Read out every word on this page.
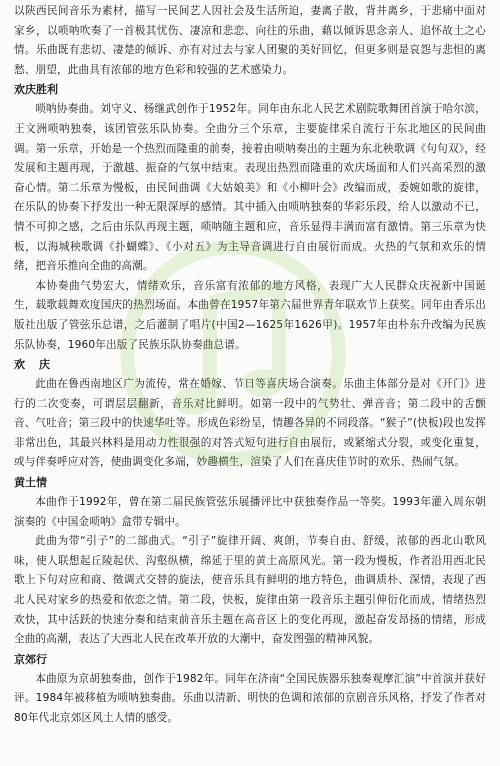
以陕西民间音乐为素材，描写一民间艺人因社会及生活所迫，妻离子散，背井离乡，于悲痛中面对家乡，以唢呐吹奏了一首极其忧伤、凄凉和悲恋、向往的乐曲，藉以倾诉思念亲人、追怀故土之心情。乐曲既有悲切、凄楚的倾诉、亦有对过去与家人团聚的美好回忆，但更多则是哀怨与悲怛的离愁、朋望，此曲具有浓郁的地方色彩和较强的艺术感染力。

欢庆胜利

唢呐协奏曲。刘守义、杨继武创作于1952年。同年由东北人民艺术剧院歌舞团首演于哈尔滨，王文洲唢呐独奏，该团管弦乐队协奏。全曲分三个乐章，主要旋律采自流行于东北地区的民间曲调。第一乐章，开始是一个热烈而隆重的前奏，接着由唢呐奏出的主题为东北秧歌调《句句双》，经发展和主题再现，于激越、振奋的气氛中结束。表现出热烈而隆重的欢庆场面和人们兴高采烈的激奋心情。第二乐章为慢板，由民间曲调《大姑娘美》和《小柳叶会》改编而成，委婉如歌的旋律，在乐队的协奏下抒发出一种无限深厚的感情。其中插入由唢呐独奏的华彩乐段，给人以激动不已，情不可抑之感，之后由乐队再现主题，唢呐随主题和应，音乐显得丰满而富有激情。第三乐章为快板，以海城秧歌调《扑蝴蝶》、《小对五》为主导音调进行自由展衍而成。火热的气氛和欢乐的情绪，把音乐推向全曲的高潮。

本协奏曲气势宏大，情绪欢乐，音乐富有浓郁的地方风格，表现广大人民群众庆祝新中国诞生，载歌载舞欢度国庆的热烈场面。本曲曾在1957年第六届世界青年联欢节上获奖。同年由香乐出版社出版了管弦乐总谱，之后灌制了唱片(中国2—1625年1626甲)。1957年由朴东升改编为民族乐队协奏，1960年出版了民族乐队协奏曲总谱。

欢庆

此曲在鲁西南地区广为流传，常在婚嫁、节日等喜庆场合演奏。乐曲主体部分是对《开门》进行的二次变奏，可谓层层翻新，音乐对比鲜明。如第一段中的气势壮、弹音音；第二段中的舌颤音、气吐音；第三段中的快速华吐等。形成色彩纷呈，情趣各异的不同段落。“猴子”(快板)段也发挥非常出色，其最兴林料是用动力性很强的对答式短句进行自由展衍，或紧缩式分裂，或变化重复，或与伴奏呼应对答，使曲调变化多端，妙趣横生，渲染了人们在喜庆佳节时的欢乐、热闹气氛。

黄土情

本曲作于1992年，曾在第二届民族管弦乐展播评比中获独奏作品一等奖。1993年灌入周东朝演奏的《中国金唢呐》盒带专辑中。

此曲为带“引子”的二部曲式。“引子”旋律开阔、爽朗，节奏自由、舒缓，浓郁的西北山歌风味，使人联想起丘陵起伏、沟壑纵横，绵延于里的黄土高原风光。第一段为慢板，作者沿用西北民歌上下句对应和商、徵调式交替的旋法，使音乐具有鲜明的地方特色，曲调质朴、深情，表现了西北人民对家乡的热爱和依恋之情。第二段，快板，旋律由第一段音乐主题引伸衍化而成，情绪热烈欢快，其中活跃的快速分奏和结束前音乐主题在高音区上的变化再现，激起奋发昂扬的情绪，形成全曲的高潮，表达了大西北人民在改革开放的大潮中，奋发图强的精神风貌。

京郊行

本曲原为京胡独奏曲，创作于1982年。同年在济南“全国民族器乐独奏观摩汇演”中首演并获好评。1984年被移植为唢呐独奏曲。乐曲以清新、明快的色调和浓郁的京剧音乐风格，抒发了作者对80年代北京郊区风土人情的感受。
